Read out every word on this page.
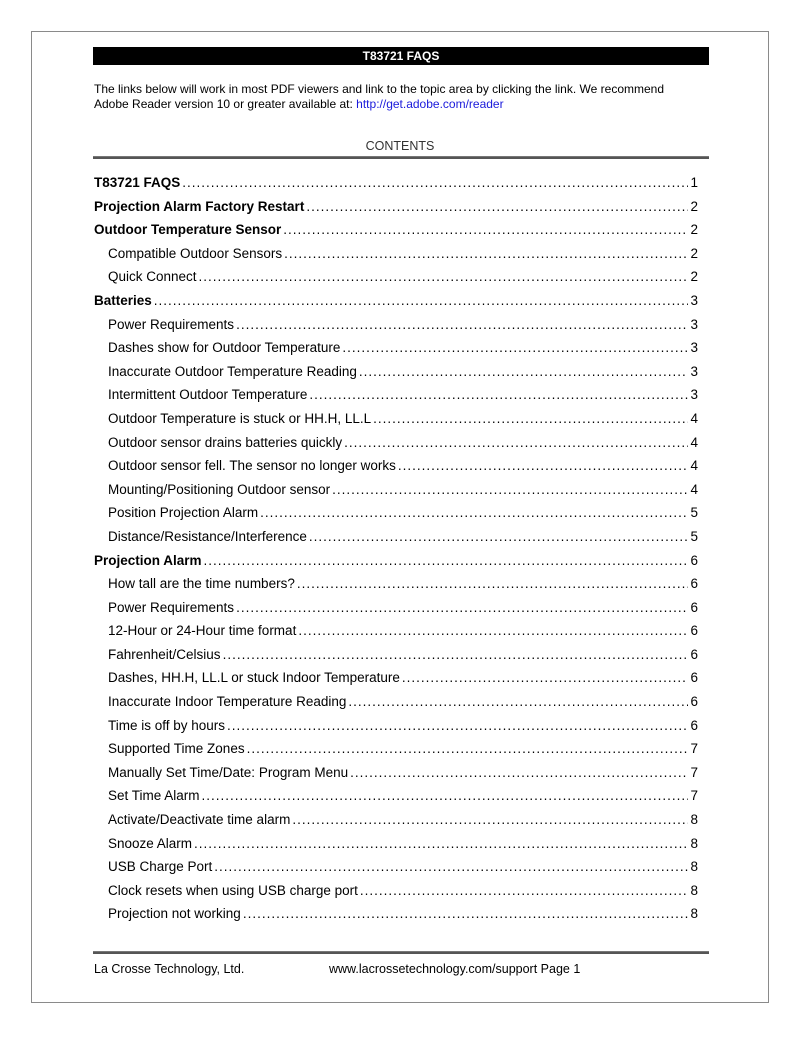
T83721 FAQS
The links below will work in most PDF viewers and link to the topic area by clicking the link. We recommend Adobe Reader version 10 or greater available at: http://get.adobe.com/reader
CONTENTS
T83721 FAQS .....	1
Projection Alarm Factory Restart .....	2
Outdoor Temperature Sensor .....	2
Compatible Outdoor Sensors .....	2
Quick Connect .....	2
Batteries .....	3
Power Requirements .....	3
Dashes show for Outdoor Temperature .....	3
Inaccurate Outdoor Temperature Reading .....	3
Intermittent Outdoor Temperature .....	3
Outdoor Temperature is stuck or HH.H, LL.L .....	4
Outdoor sensor drains batteries quickly .....	4
Outdoor sensor fell. The sensor no longer works .....	4
Mounting/Positioning Outdoor sensor .....	4
Position Projection Alarm .....	5
Distance/Resistance/Interference .....	5
Projection Alarm .....	6
How tall are the time numbers? .....	6
Power Requirements .....	6
12-Hour or 24-Hour time format .....	6
Fahrenheit/Celsius .....	6
Dashes, HH.H, LL.L or stuck Indoor Temperature .....	6
Inaccurate Indoor Temperature Reading .....	6
Time is off by hours .....	6
Supported Time Zones .....	7
Manually Set Time/Date: Program Menu .....	7
Set Time Alarm .....	7
Activate/Deactivate time alarm .....	8
Snooze Alarm .....	8
USB Charge Port .....	8
Clock resets when using USB charge port .....	8
Projection not working .....	8
La Crosse Technology, Ltd.	www.lacrossetechnology.com/support Page 1
